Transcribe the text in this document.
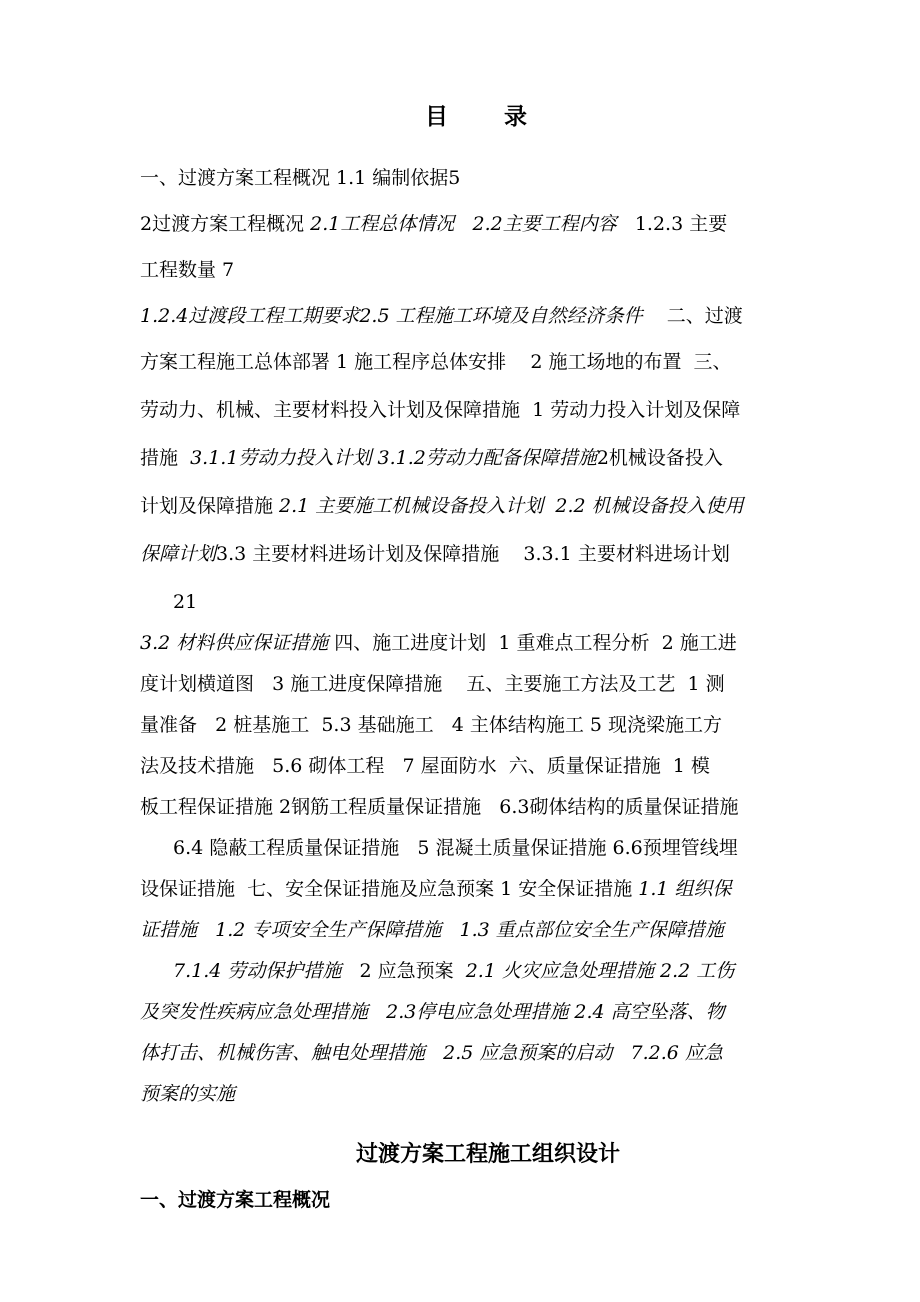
目 录
一、过渡方案工程概况 1.1 编制依据5
2过渡方案工程概况 2.1工程总体情况   2.2主要工程内容   1.2.3 主要
工程数量 7
1.2.4过渡段工程工期要求2.5 工程施工环境及自然经济条件    二、过渡
方案工程施工总体部署 1 施工程序总体安排    2 施工场地的布置  三、
劳动力、机械、主要材料投入计划及保障措施  1 劳动力投入计划及保障
措施  3.1.1劳动力投入计划 3.1.2劳动力配备保障措施2机械设备投入
计划及保障措施 2.1 主要施工机械设备投入计划  2.2 机械设备投入使用
保障计划3.3 主要材料进场计划及保障措施    3.3.1 主要材料进场计划
21
3.2 材料供应保证措施 四、施工进度计划  1 重难点工程分析  2 施工进
度计划横道图   3 施工进度保障措施    五、主要施工方法及工艺  1 测
量准备   2 桩基施工  5.3 基础施工   4 主体结构施工 5 现浇梁施工方
法及技术措施   5.6 砌体工程   7 屋面防水  六、质量保证措施  1 模
板工程保证措施 2钢筋工程质量保证措施   6.3砌体结构的质量保证措施
6.4 隐蔽工程质量保证措施   5 混凝土质量保证措施 6.6预埋管线埋
设保证措施  七、安全保证措施及应急预案 1 安全保证措施 1.1 组织保
证措施   1.2 专项安全生产保障措施   1.3 重点部位安全生产保障措施
7.1.4 劳动保护措施   2 应急预案  2.1 火灾应急处理措施 2.2 工伤
及突发性疾病应急处理措施   2.3停电应急处理措施 2.4 高空坠落、物
体打击、机械伤害、触电处理措施   2.5 应急预案的启动   7.2.6 应急
预案的实施
过渡方案工程施工组织设计
一、过渡方案工程概况
